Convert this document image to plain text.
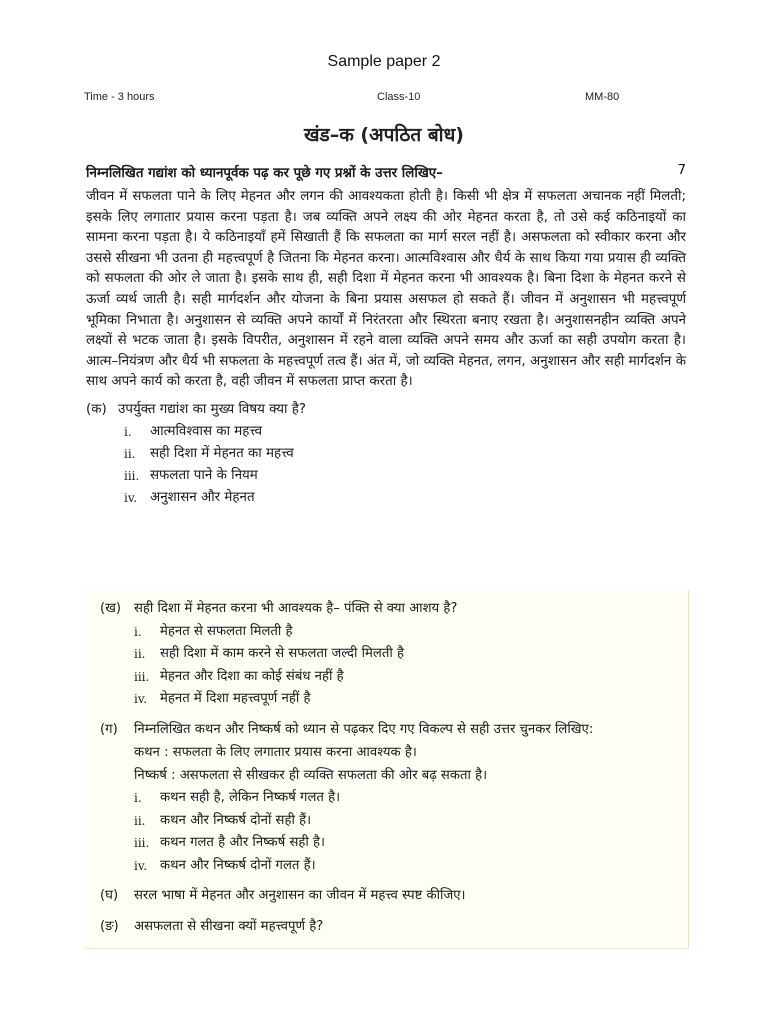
Sample paper 2
Time - 3 hours	Class-10	MM-80
खंड–क (अपठित बोध)
निम्नलिखित गद्यांश को ध्यानपूर्वक पढ़ कर पूछे गए प्रश्नों के उत्तर लिखिए–	7

जीवन में सफलता पाने के लिए मेहनत और लगन की आवश्यकता होती है। किसी भी क्षेत्र में सफलता अचानक नहीं मिलती; इसके लिए लगातार प्रयास करना पड़ता है। जब व्यक्ति अपने लक्ष्य की ओर मेहनत करता है, तो उसे कई कठिनाइयों का सामना करना पड़ता है। ये कठिनाइयाँ हमें सिखाती हैं कि सफलता का मार्ग सरल नहीं है। असफलता को स्वीकार करना और उससे सीखना भी उतना ही महत्त्वपूर्ण है जितना कि मेहनत करना। आत्मविश्वास और धैर्य के साथ किया गया प्रयास ही व्यक्ति को सफलता की ओर ले जाता है। इसके साथ ही, सही दिशा में मेहनत करना भी आवश्यक है। बिना दिशा के मेहनत करने से ऊर्जा व्यर्थ जाती है। सही मार्गदर्शन और योजना के बिना प्रयास असफल हो सकते हैं। जीवन में अनुशासन भी महत्त्वपूर्ण भूमिका निभाता है। अनुशासन से व्यक्ति अपने कार्यों में निरंतरता और स्थिरता बनाए रखता है। अनुशासनहीन व्यक्ति अपने लक्ष्यों से भटक जाता है। इसके विपरीत, अनुशासन में रहने वाला व्यक्ति अपने समय और ऊर्जा का सही उपयोग करता है। आत्म–नियंत्रण और धैर्य भी सफलता के महत्त्वपूर्ण तत्व हैं। अंत में, जो व्यक्ति मेहनत, लगन, अनुशासन और सही मार्गदर्शन के साथ अपने कार्य को करता है, वही जीवन में सफलता प्राप्त करता है।

(क) उपर्युक्त गद्यांश का मुख्य विषय क्या है?
i.	आत्मविश्वास का महत्त्व
ii.	सही दिशा में मेहनत का महत्त्व
iii. सफलता पाने के नियम
iv. अनुशासन और मेहनत
(ख) सही दिशा में मेहनत करना भी आवश्यक है– पंक्ति से क्या आशय है?
i.	मेहनत से सफलता मिलती है
ii.	सही दिशा में काम करने से सफलता जल्दी मिलती है
iii. मेहनत और दिशा का कोई संबंध नहीं है
iv. मेहनत में दिशा महत्त्वपूर्ण नहीं है
(ग)	निम्नलिखित कथन और निष्कर्ष को ध्यान से पढ़कर दिए गए विकल्प से सही उत्तर चुनकर लिखिए:
कथन : सफलता के लिए लगातार प्रयास करना आवश्यक है।
निष्कर्ष : असफलता से सीखकर ही व्यक्ति सफलता की ओर बढ़ सकता है।
i.	कथन सही है, लेकिन निष्कर्ष गलत है।
ii.	कथन और निष्कर्ष दोनों सही हैं।
iii. कथन गलत है और निष्कर्ष सही है।
iv. कथन और निष्कर्ष दोनों गलत हैं।
(घ)	सरल भाषा में मेहनत और अनुशासन का जीवन में महत्त्व स्पष्ट कीजिए।
(ङ)	असफलता से सीखना क्यों महत्त्वपूर्ण है?
